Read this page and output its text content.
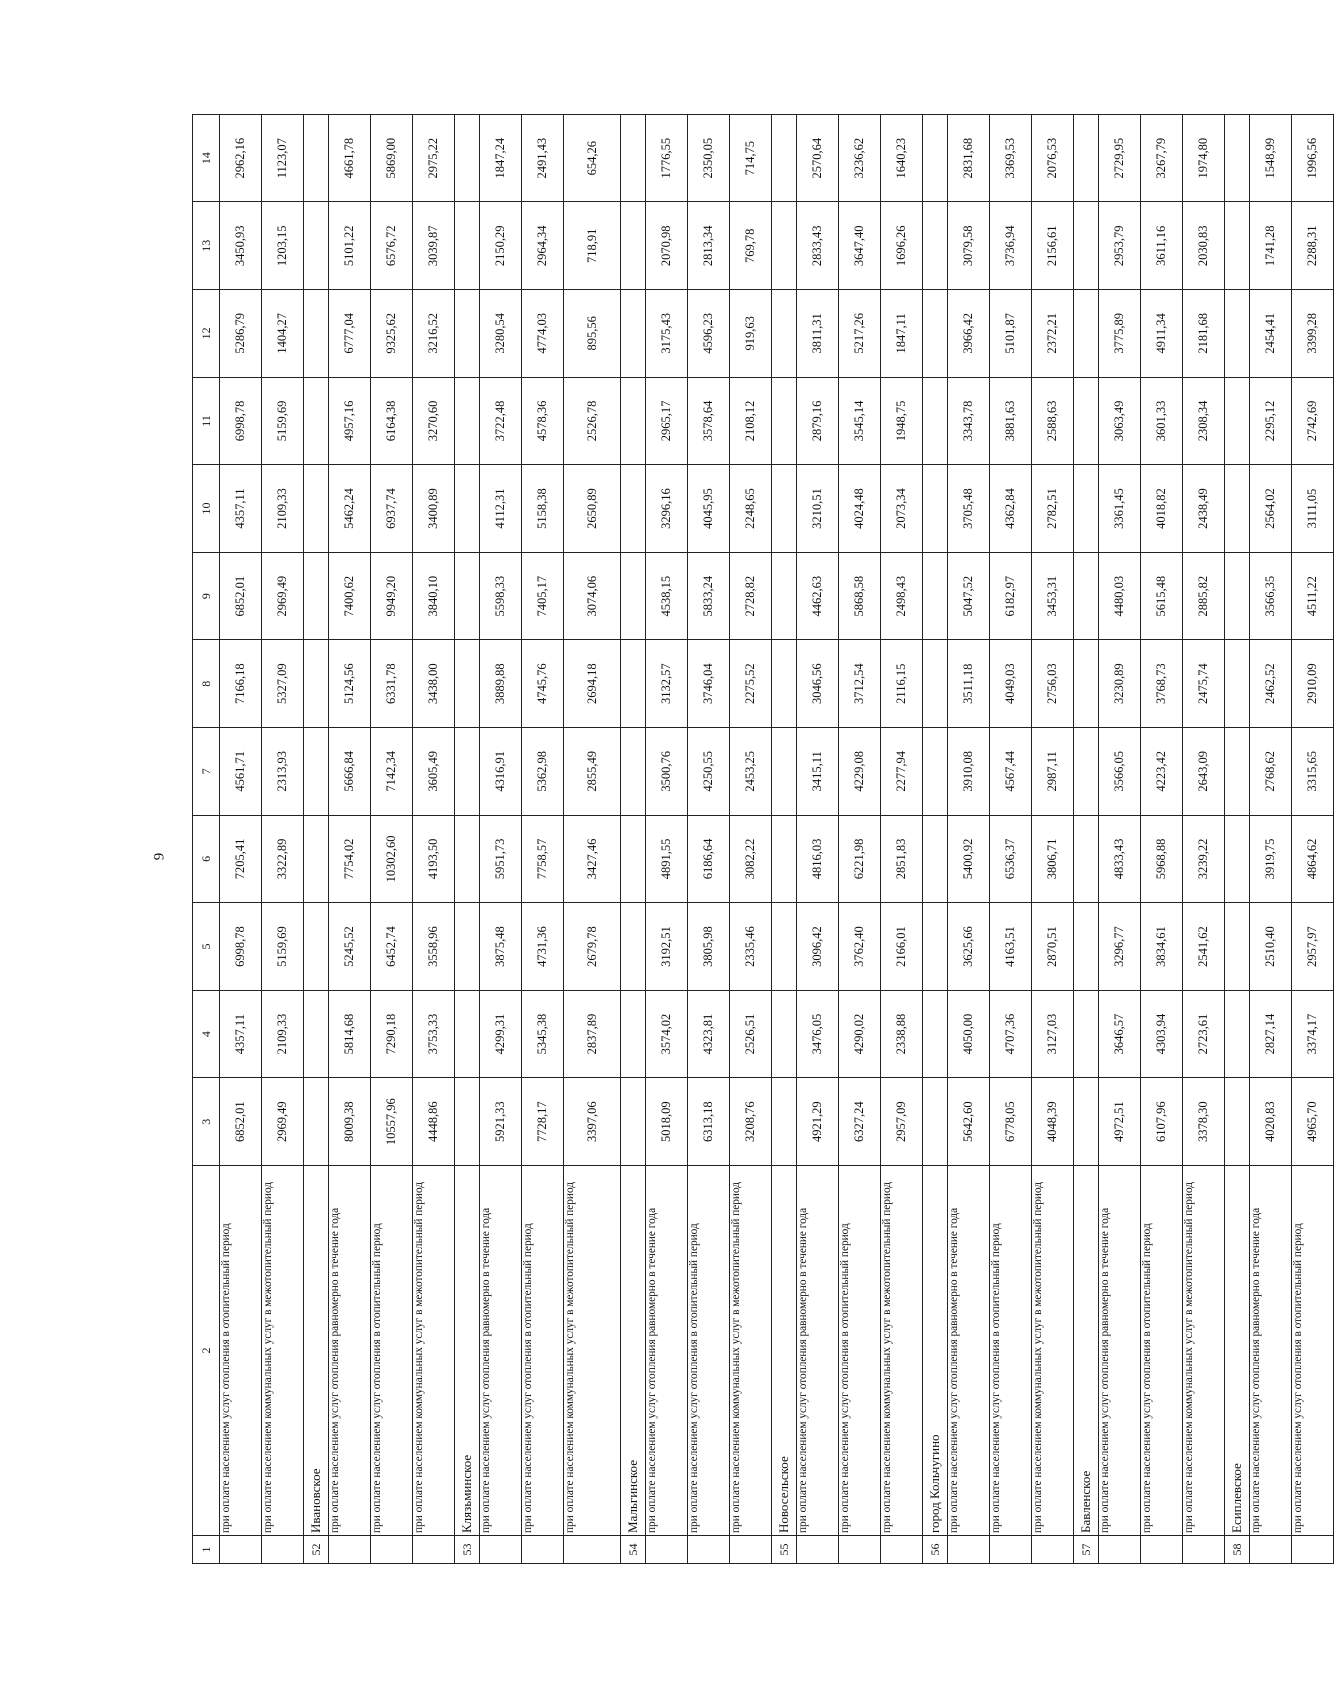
9
1	2	3	4	5	6	7	8	9	10	11	12	13	14
	при оплате населением услуг отопления в отопительный период	6852,01	4357,11	6998,78	7205,41	4561,71	7166,18	6852,01	4357,11	6998,78	5286,79	3450,93	2962,16
	при оплате населением коммунальных услуг в межотопительный период	2969,49	2109,33	5159,69	3322,89	2313,93	5327,09	2969,49	2109,33	5159,69	1404,27	1203,15	1123,07
52	Ивановское												
	при оплате населением услуг отопления равномерно в течение года	8009,38	5814,68	5245,52	7754,02	5666,84	5124,56	7400,62	5462,24	4957,16	6777,04	5101,22	4661,78
	при оплате населением услуг отопления в отопительный период	10557,96	7290,18	6452,74	10302,60	7142,34	6331,78	9949,20	6937,74	6164,38	9325,62	6576,72	5869,00
	при оплате населением коммунальных услуг в межотопительный период	4448,86	3753,33	3558,96	4193,50	3605,49	3438,00	3840,10	3400,89	3270,60	3216,52	3039,87	2975,22
53	Клязьминское												
	при оплате населением услуг отопления равномерно в течение года	5921,33	4299,31	3875,48	5951,73	4316,91	3889,88	5598,33	4112,31	3722,48	3280,54	2150,29	1847,24
	при оплате населением услуг отопления в отопительный период	7728,17	5345,38	4731,36	7758,57	5362,98	4745,76	7405,17	5158,38	4578,36	4774,03	2964,34	2491,43
	при оплате населением коммунальных услуг в межотопительный период	3397,06	2837,89	2679,78	3427,46	2855,49	2694,18	3074,06	2650,89	2526,78	895,56	718,91	654,26
54	Мальгинское												
	при оплате населением услуг отопления равномерно в течение года	5018,09	3574,02	3192,51	4891,55	3500,76	3132,57	4538,15	3296,16	2965,17	3175,43	2070,98	1776,55
	при оплате населением услуг отопления в отопительный период	6313,18	4323,81	3805,98	6186,64	4250,55	3746,04	5833,24	4045,95	3578,64	4596,23	2813,34	2350,05
	при оплате населением коммунальных услуг в межотопительный период	3208,76	2526,51	2335,46	3082,22	2453,25	2275,52	2728,82	2248,65	2108,12	919,63	769,78	714,75
55	Новосельское												
	при оплате населением услуг отопления равномерно в течение года	4921,29	3476,05	3096,42	4816,03	3415,11	3046,56	4462,63	3210,51	2879,16	3811,31	2833,43	2570,64
	при оплате населением услуг отопления в отопительный период	6327,24	4290,02	3762,40	6221,98	4229,08	3712,54	5868,58	4024,48	3545,14	5217,26	3647,40	3236,62
	при оплате населением коммунальных услуг в межотопительный период	2957,09	2338,88	2166,01	2851,83	2277,94	2116,15	2498,43	2073,34	1948,75	1847,11	1696,26	1640,23
56	город Кольчугино												
	при оплате населением услуг отопления равномерно в течение года	5642,60	4050,00	3625,66	5400,92	3910,08	3511,18	5047,52	3705,48	3343,78	3966,42	3079,58	2831,68
	при оплате населением услуг отопления в отопительный период	6778,05	4707,36	4163,51	6536,37	4567,44	4049,03	6182,97	4362,84	3881,63	5101,87	3736,94	3369,53
	при оплате населением коммунальных услуг в межотопительный период	4048,39	3127,03	2870,51	3806,71	2987,11	2756,03	3453,31	2782,51	2588,63	2372,21	2156,61	2076,53
57	Бавленское												
	при оплате населением услуг отопления равномерно в течение года	4972,51	3646,57	3296,77	4833,43	3566,05	3230,89	4480,03	3361,45	3063,49	3775,89	2953,79	2729,95
	при оплате населением услуг отопления в отопительный период	6107,96	4303,94	3834,61	5968,88	4223,42	3768,73	5615,48	4018,82	3601,33	4911,34	3611,16	3267,79
	при оплате населением коммунальных услуг в межотопительный период	3378,30	2723,61	2541,62	3239,22	2643,09	2475,74	2885,82	2438,49	2308,34	2181,68	2030,83	1974,80
58	Есиплевское												
	при оплате населением услуг отопления равномерно в течение года	4020,83	2827,14	2510,40	3919,75	2768,62	2462,52	3566,35	2564,02	2295,12	2454,41	1741,28	1548,99
	при оплате населением услуг отопления в отопительный период	4965,70	3374,17	2957,97	4864,62	3315,65	2910,09	4511,22	3111,05	2742,69	3399,28	2288,31	1996,56
